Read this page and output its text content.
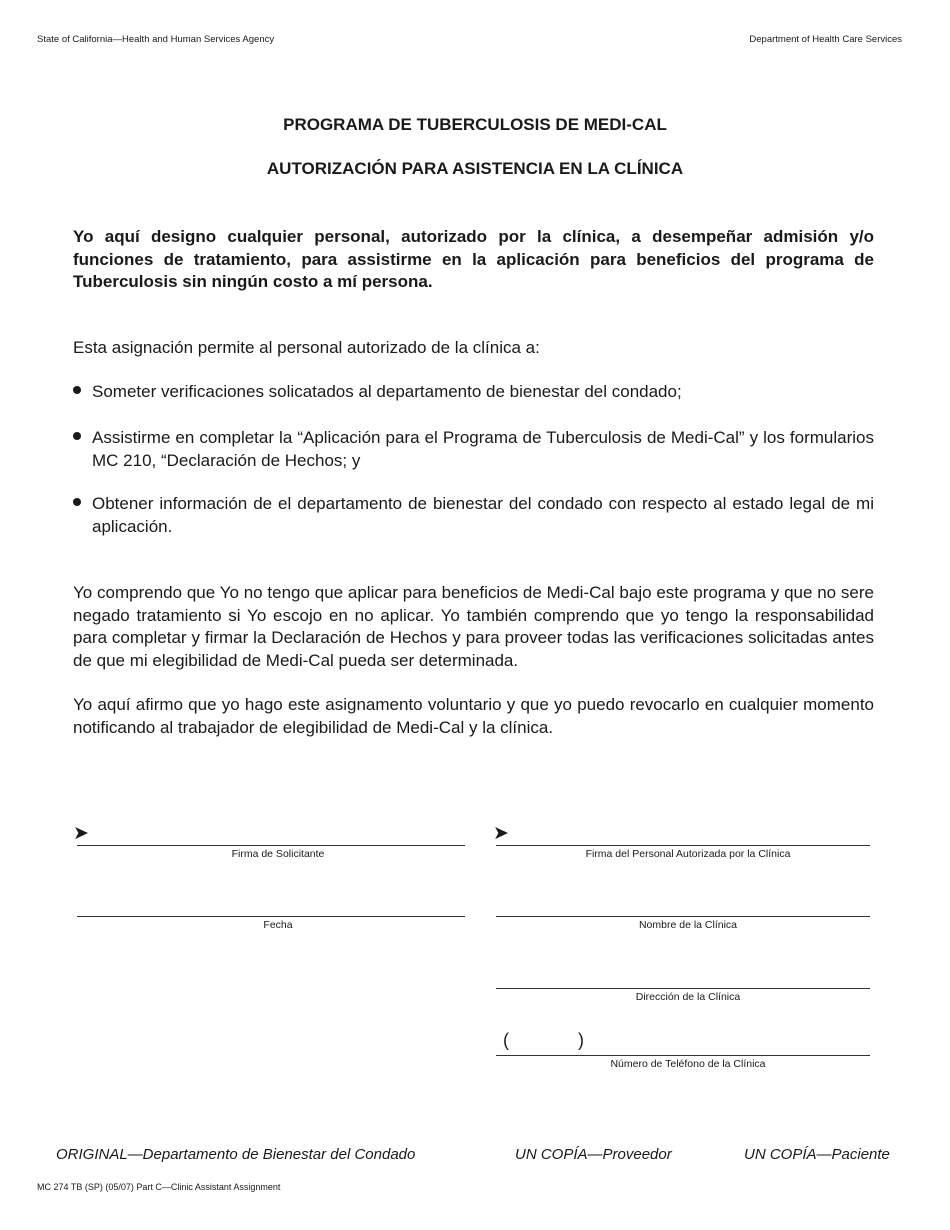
State of California—Health and Human Services Agency	Department of Health Care Services
PROGRAMA DE TUBERCULOSIS DE MEDI-CAL
AUTORIZACIÓN PARA ASISTENCIA EN LA CLÍNICA
Yo aquí designo cualquier personal, autorizado por la clínica, a desempeñar admisión y/o funciones de tratamiento, para assistirme en la aplicación para beneficios del programa de Tuberculosis sin ningún costo a mí persona.
Esta asignación permite al personal autorizado de la clínica a:
Someter verificaciones solicatados al departamento de bienestar del condado;
Assistirme en completar la “Aplicación para el Programa de Tuberculosis de Medi-Cal” y los formularios MC 210, “Declaración de Hechos; y
Obtener información de el departamento de bienestar del condado con respecto al estado legal de mi aplicación.
Yo comprendo que Yo no tengo que aplicar para beneficios de Medi-Cal bajo este programa y que no sere negado tratamiento si Yo escojo en no aplicar. Yo también comprendo que yo tengo la responsabilidad para completar y firmar la Declaración de Hechos y para proveer todas las verificaciones solicitadas antes de que mi elegibilidad de Medi-Cal pueda ser determinada.
Yo aquí afirmo que yo hago este asignamento voluntario y que yo puedo revocarlo en cualquier momento notificando al trabajador de elegibilidad de Medi-Cal y la clínica.
➤
Firma de Solicitante
Fecha
➤
Firma del Personal Autorizada por la Clínica
Nombre de la Clínica
Dirección de la Clínica
(	)
Número de Teléfono de la Clínica
ORIGINAL—Departamento de Bienestar del Condado	UN COPÍA—Proveedor	UN COPÍA—Paciente
MC 274 TB (SP) (05/07) Part C—Clinic Assistant Assignment
